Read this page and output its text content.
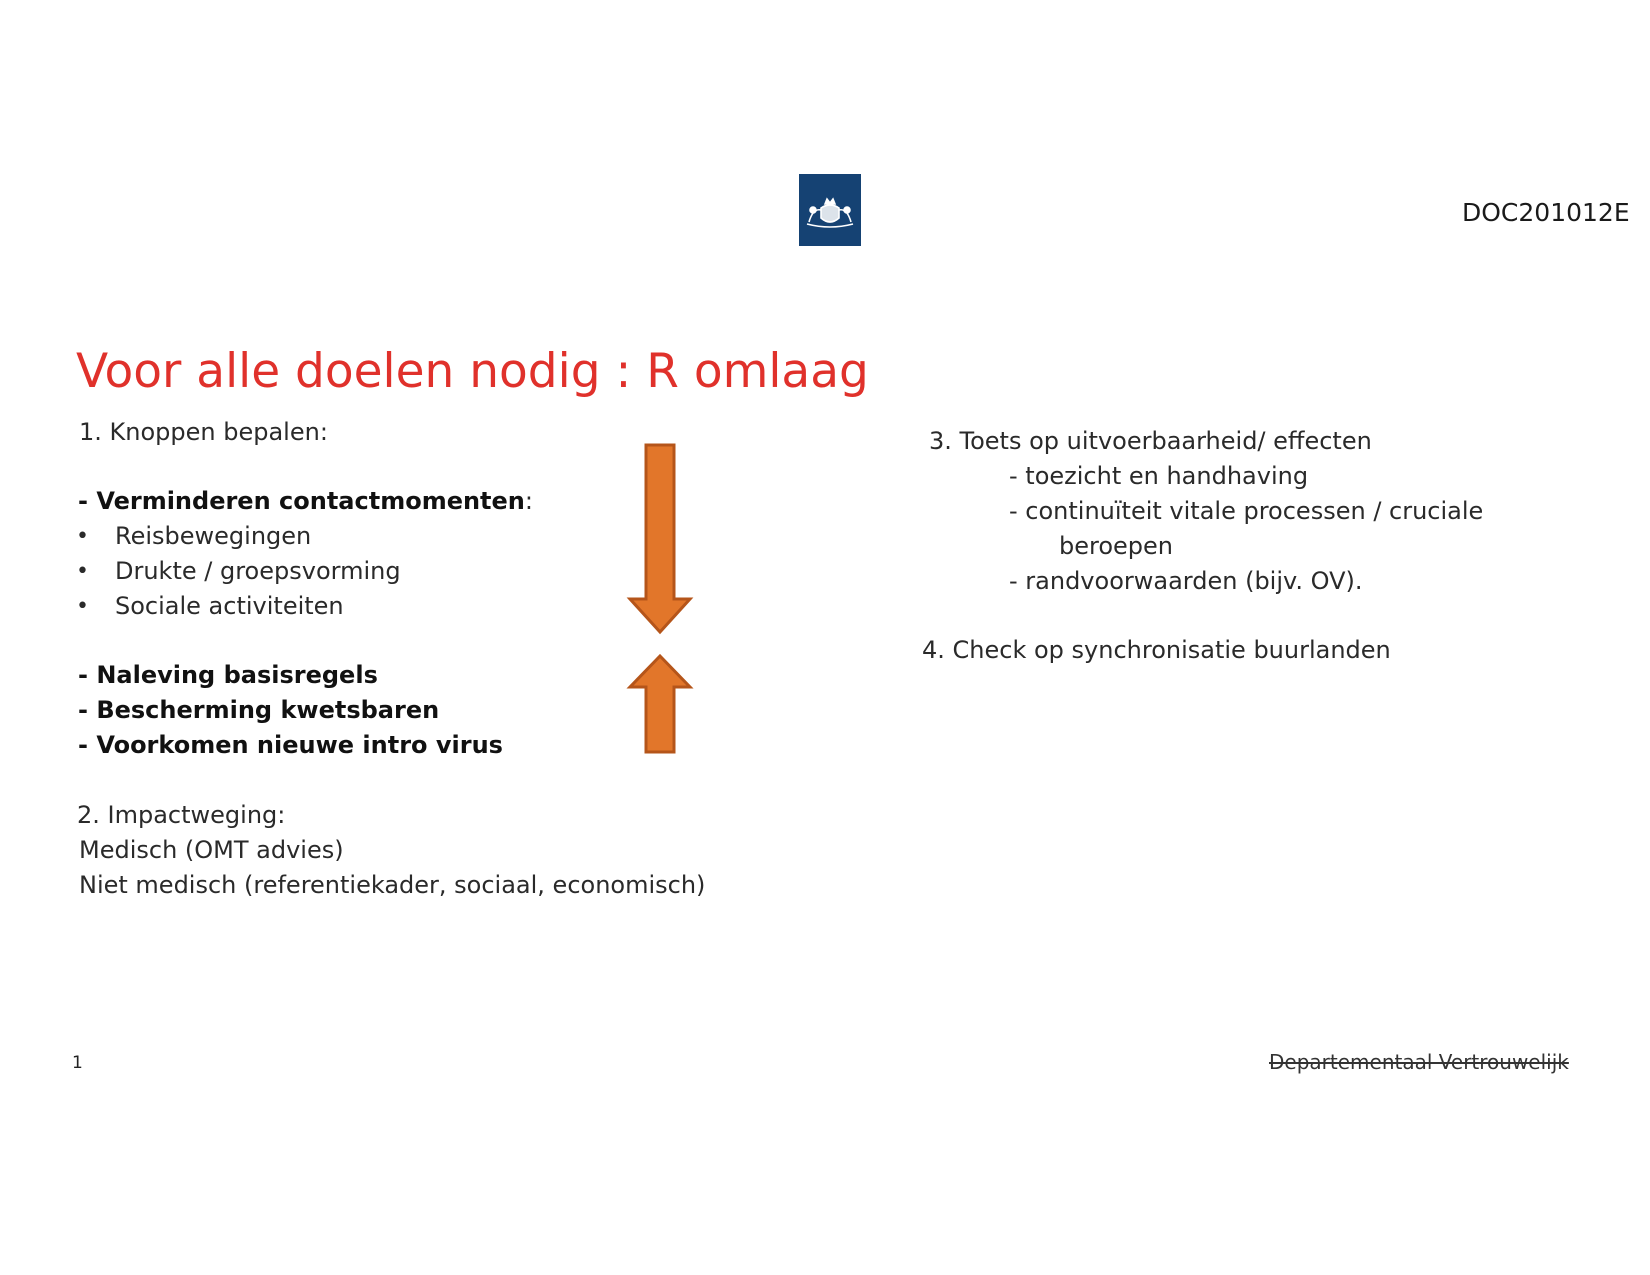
DOC201012E
Voor alle doelen nodig : R omlaag
1. Knoppen bepalen:
- Verminderen contactmomenten:
• Reisbewegingen
• Drukte / groepsvorming
• Sociale activiteiten
- Naleving basisregels
- Bescherming kwetsbaren
- Voorkomen nieuwe intro virus
2. Impactweging:
Medisch (OMT advies)
Niet medisch (referentiekader, sociaal, economisch)
3. Toets op uitvoerbaarheid/ effecten
- toezicht en handhaving
- continuïteit vitale processen / cruciale
beroepen
- randvoorwaarden (bijv. OV).
4. Check op synchronisatie buurlanden
1	Departementaal Vertrouwelijk
